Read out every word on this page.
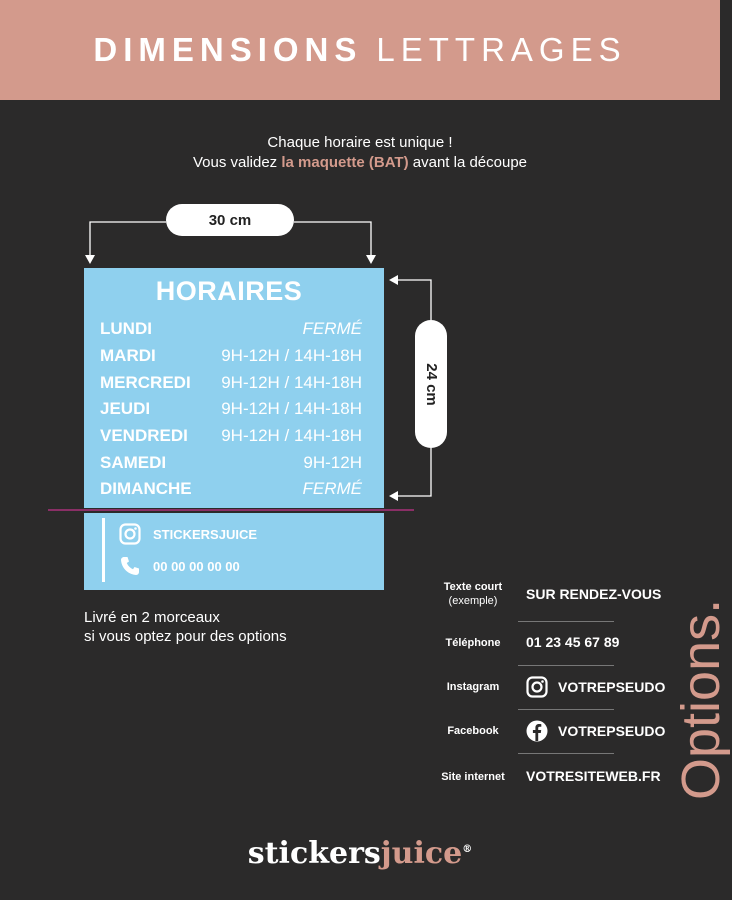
DIMENSIONS LETTRAGES
Chaque horaire est unique !
Vous validez la maquette (BAT) avant la découpe
30 cm
24 cm
HORAIRES
LUNDI	FERMÉ
MARDI	9H-12H / 14H-18H
MERCREDI 9H-12H / 14H-18H
JEUDI	9H-12H / 14H-18H
VENDREDI 9H-12H / 14H-18H
SAMEDI	9H-12H
DIMANCHE	FERMÉ
STICKERSJUICE
00 00 00 00 00
Livré en 2 morceaux
si vous optez pour des options
Texte court
(exemple)	SUR RENDEZ-VOUS
Téléphone	01 23 45 67 89
Instagram	VOTREPSEUDO
Facebook	VOTREPSEUDO
Site internet	VOTRESITEWEB.FR Options.
stickersjuice®
